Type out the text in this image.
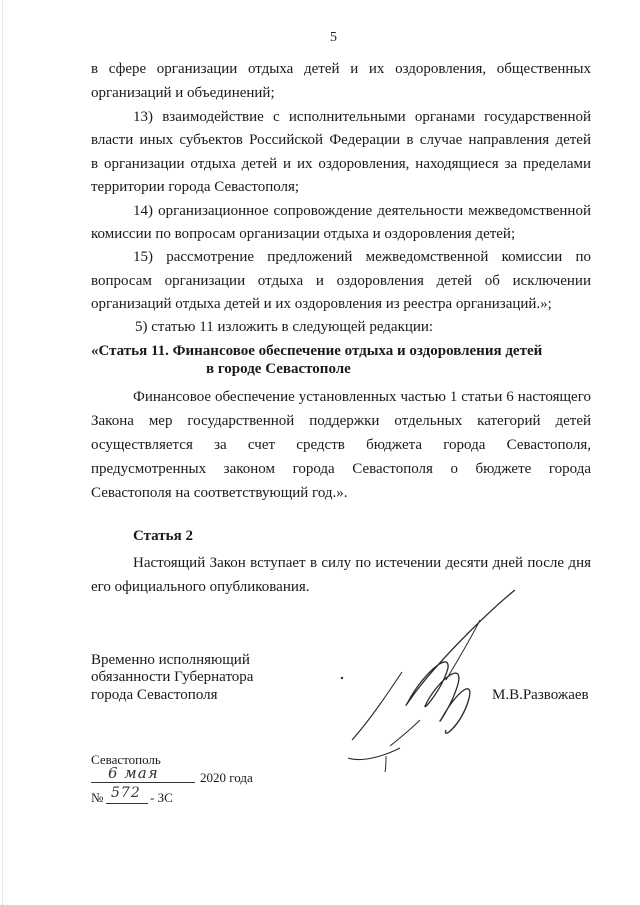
5
в сфере организации отдыха детей и их оздоровления, общественных
организаций и объединений;
13) взаимодействие с исполнительными органами государственной
власти иных субъектов Российской Федерации в случае направления детей
в организации отдыха детей и их оздоровления, находящиеся за пределами
территории города Севастополя;
14) организационное сопровождение деятельности межведомственной
комиссии по вопросам организации отдыха и оздоровления детей;
15) рассмотрение предложений межведомственной комиссии по
вопросам организации отдыха и оздоровления детей об исключении
организаций отдыха детей и их оздоровления из реестра организаций.»;
5) статью 11 изложить в следующей редакции:
«Статья 11. Финансовое обеспечение отдыха и оздоровления детей
в городе Севастополе
Финансовое обеспечение установленных частью 1 статьи 6 настоящего
Закона мер государственной поддержки отдельных категорий детей
осуществляется за счет средств бюджета города Севастополя,
предусмотренных законом города Севастополя о бюджете города
Севастополя на соответствующий год.».
Статья 2
Настоящий Закон вступает в силу по истечении десяти дней после дня
его официального опубликования.
Временно исполняющий
обязанности Губернатора
города Севастополя	М.В.Развожаев
Севастополь
6 мая	2020 года
№ 572 - ЗС
